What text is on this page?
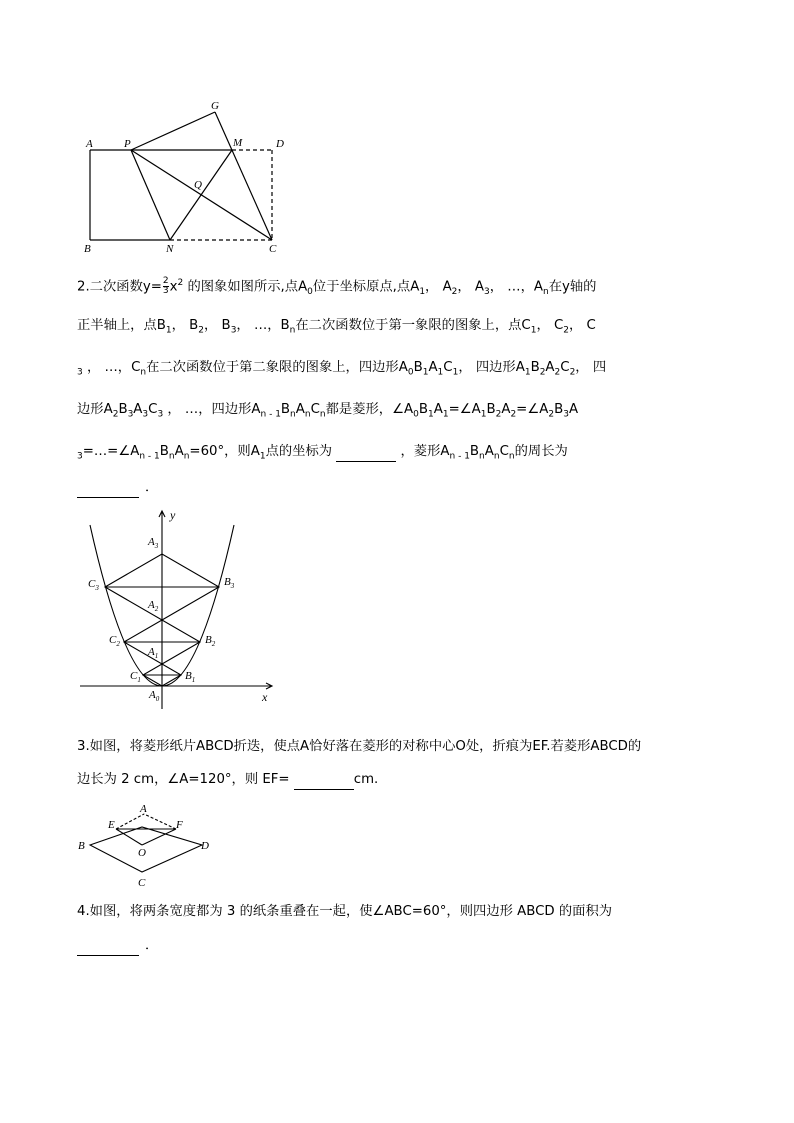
A	P
G
M	D
Q
B	N	C
2.二次函数$y= \frac{2}{3} x^2$ 的图象如图所示,点$A_0$位于坐标原点,点$A_1$， $A_2$， $A_3$， …，$A_n$在y轴的
正半轴上，点$B_1$， $B_2$， $B_3$， …，$B_n$在二次函数位于第一象限的图象上，点$C_1$， $C_2$， C
$_3$ ， …，$C_n$在二次函数位于第二象限的图象上，四边形$A_0B_1A_1C_1$， 四边形$A_1B_2A_2C_2$， 四
边形$A_2B_3A_3C_3$ ， …，四边形$A_{n - 1}B_nA_nC_n$都是菱形，$\angle A_0B_1A_1=\angle A_1B_2A_2=\angle A_2B_3A$
$_3=\dots=\angle A_{n - 1}B_nA_n=60^\circ$，则$A_1$点的坐标为	，菱形$A_{n - 1}B_nA_nC_n$的周长为
．
y
x
$A_3$
$A_2$
$A_1$
$A_0$
$B_3$
$B_2$
$B_1$
$C_3$
$C_2$
$C_1$
3.如图，将菱形纸片ABCD折迭，使点A恰好落在菱形的对称中心O处，折痕为EF.若菱形ABCD的
边长为 2 cm，∠A=120°，则 EF=	cm.
A
E	F
B
O
D
C
4.如图，将两条宽度都为 3 的纸条重叠在一起，使∠ABC=60°，则四边形 ABCD 的面积为
．
